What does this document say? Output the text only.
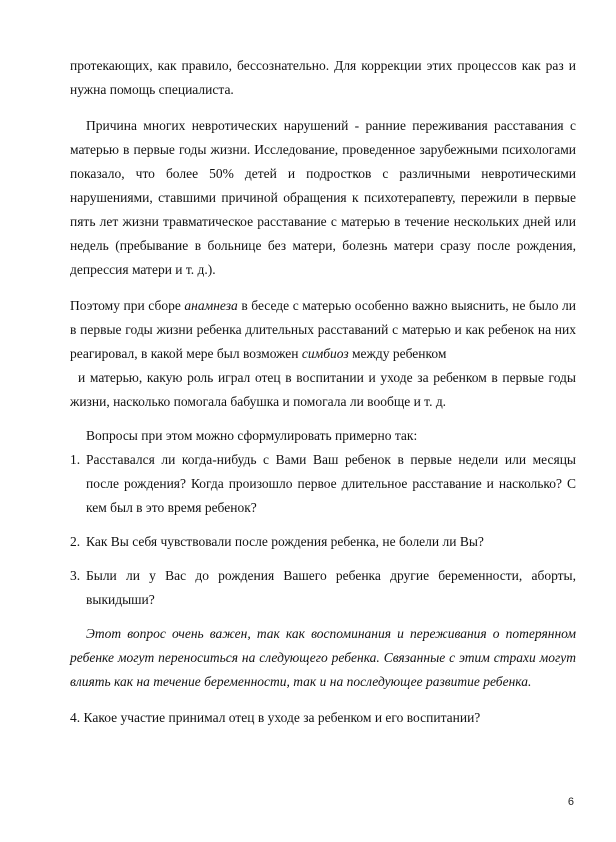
протекающих, как правило, бессознательно. Для коррекции этих процессов как раз и нужна помощь специалиста.

Причина многих невротических нарушений - ранние переживания расставания с матерью в первые годы жизни. Исследование, проведенное зарубежными психологами показало, что более 50% детей и подростков с различными невротическими нарушениями, ставшими причиной обращения к психотерапевту, пережили в первые пять лет жизни травматическое расставание с матерью в течение нескольких дней или недель (пребывание в больнице без матери, болезнь матери сразу после рождения, депрессия матери и т. д.).

Поэтому при сборе анамнеза в беседе с матерью особенно важно выяснить, не было ли в первые годы жизни ребенка длительных расставаний с матерью и как ребенок на них реагировал, в какой мере был возможен симбиоз между ребенком

и матерью, какую роль играл отец в воспитании и уходе за ребенком в первые годы жизни, насколько помогала бабушка и помогала ли вообще и т. д.

Вопросы при этом можно сформулировать примерно так:

1. Расставался ли когда-нибудь с Вами Ваш ребенок в первые недели или месяцы после рождения? Когда произошло первое длительное расставание и насколько? С кем был в это время ребенок?
2. Как Вы себя чувствовали после рождения ребенка, не болели ли Вы?
3. Были ли у Вас до рождения Вашего ребенка другие беременности, аборты, выкидыши?

Этот вопрос очень важен, так как воспоминания и переживания о потерянном ребенке могут переноситься на следующего ребенка. Связанные с этим страхи могут влиять как на течение беременности, так и на последующее развитие ребенка.

4. Какое участие принимал отец в уходе за ребенком и его воспитании?

6
